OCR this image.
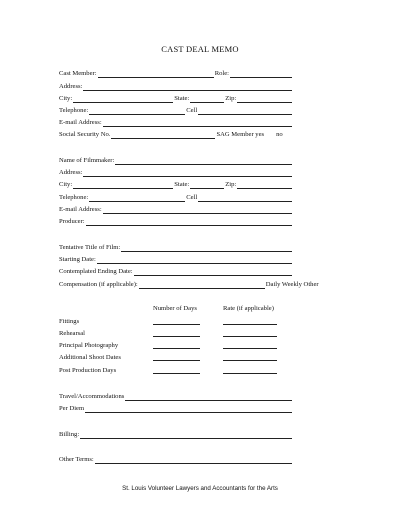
CAST DEAL MEMO
Cast Member:	Role:
Address:
City:	State:	Zip:
Telephone:	Cell
E-mail Address:
Social Security No.	SAG Member yes no
Name of Filmmaker:
Address:
City:	State:	Zip:
Telephone:	Cell
E-mail Address:
Producer:
Tentative Title of Film:
Starting Date:
Contemplated Ending Date:
Compensation (if applicable):	Daily Weekly Other
Number of Days	Rate (if applicable)
Fittings
Rehearsal
Principal Photography
Additional Shoot Dates
Post Production Days
Travel/Accommodations
Per Diem
Billing:
Other Terms:
St. Louis Volunteer Lawyers and Accountants for the Arts
